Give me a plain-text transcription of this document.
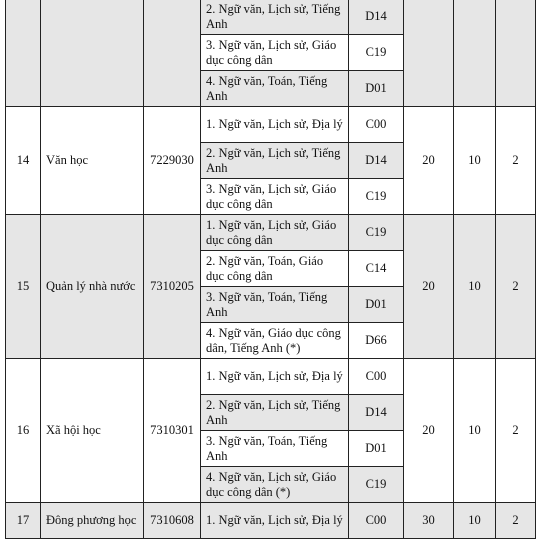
			2. Ngữ văn, Lịch sử, Tiếng Anh	D14			
			3. Ngữ văn, Lịch sử, Giáo dục công dân	C19			
			4. Ngữ văn, Toán, Tiếng Anh	D01			
14	Văn học	7229030	1. Ngữ văn, Lịch sử, Địa lý	C00	20	10	2
			2. Ngữ văn, Lịch sử, Tiếng Anh	D14			
			3. Ngữ văn, Lịch sử, Giáo dục công dân	C19			
15	Quản lý nhà nước	7310205	1. Ngữ văn, Lịch sử, Giáo dục công dân	C19	20	10	2
			2. Ngữ văn, Toán, Giáo dục công dân	C14			
			3. Ngữ văn, Toán, Tiếng Anh	D01			
			4. Ngữ văn, Giáo dục công dân, Tiếng Anh (*)	D66			
16	Xã hội học	7310301	1. Ngữ văn, Lịch sử, Địa lý	C00	20	10	2
			2. Ngữ văn, Lịch sử, Tiếng Anh	D14			
			3. Ngữ văn, Toán, Tiếng Anh	D01			
			4. Ngữ văn, Lịch sử, Giáo dục công dân (*)	C19			
17	Đông phương học	7310608	1. Ngữ văn, Lịch sử, Địa lý	C00	30	10	2
